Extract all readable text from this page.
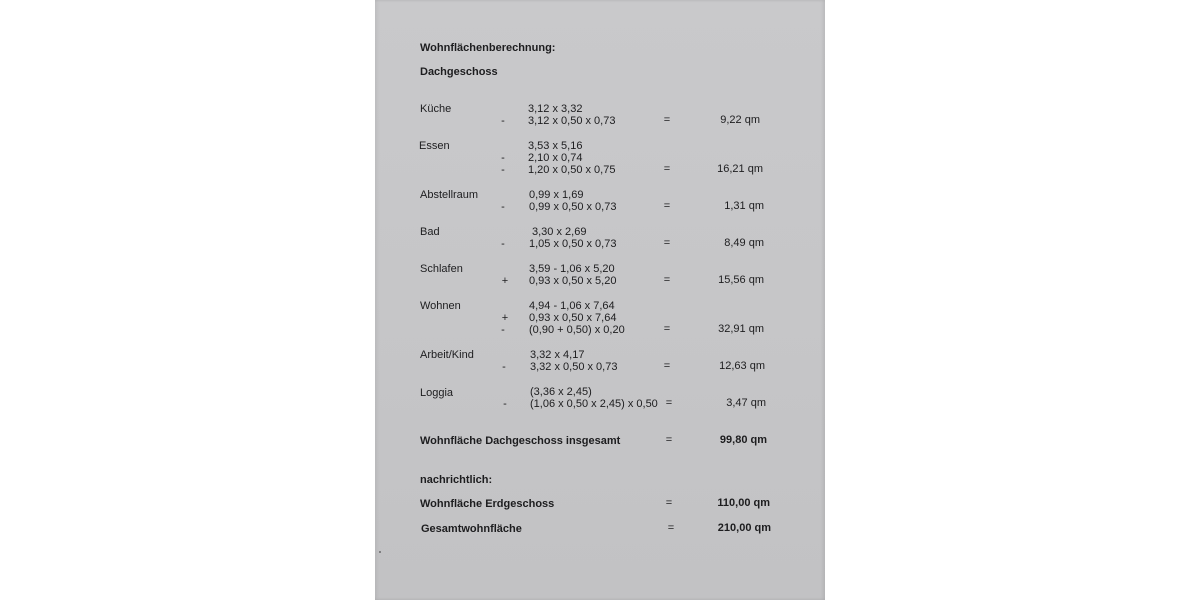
Wohnflächenberechnung:
Dachgeschoss
Küche	3,12 x 3,32
-	3,12 x 0,50 x 0,73	=	9,22 qm
Essen	3,53 x 5,16
-	2,10 x 0,74
-	1,20 x 0,50 x 0,75	=	16,21 qm
Abstellraum	0,99 x 1,69
-	0,99 x 0,50 x 0,73	=	1,31 qm
Bad	3,30 x 2,69
-	1,05 x 0,50 x 0,73	=	8,49 qm
Schlafen	3,59 - 1,06 x 5,20
+ 0,93 x 0,50 x 5,20	=	15,56 qm
Wohnen	4,94 - 1,06 x 7,64
+ 0,93 x 0,50 x 7,64
-	(0,90 + 0,50) x 0,20	=	32,91 qm
Arbeit/Kind	3,32 x 4,17
-	3,32 x 0,50 x 0,73	=	12,63 qm
Loggia	(3,36 x 2,45)
-	(1,06 x 0,50 x 2,45) x 0,50 =	3,47 qm
Wohnfläche Dachgeschoss insgesamt	=	99,80 qm
nachrichtlich:
Wohnfläche Erdgeschoss	=	110,00 qm
Gesamtwohnfläche	=	210,00 qm
